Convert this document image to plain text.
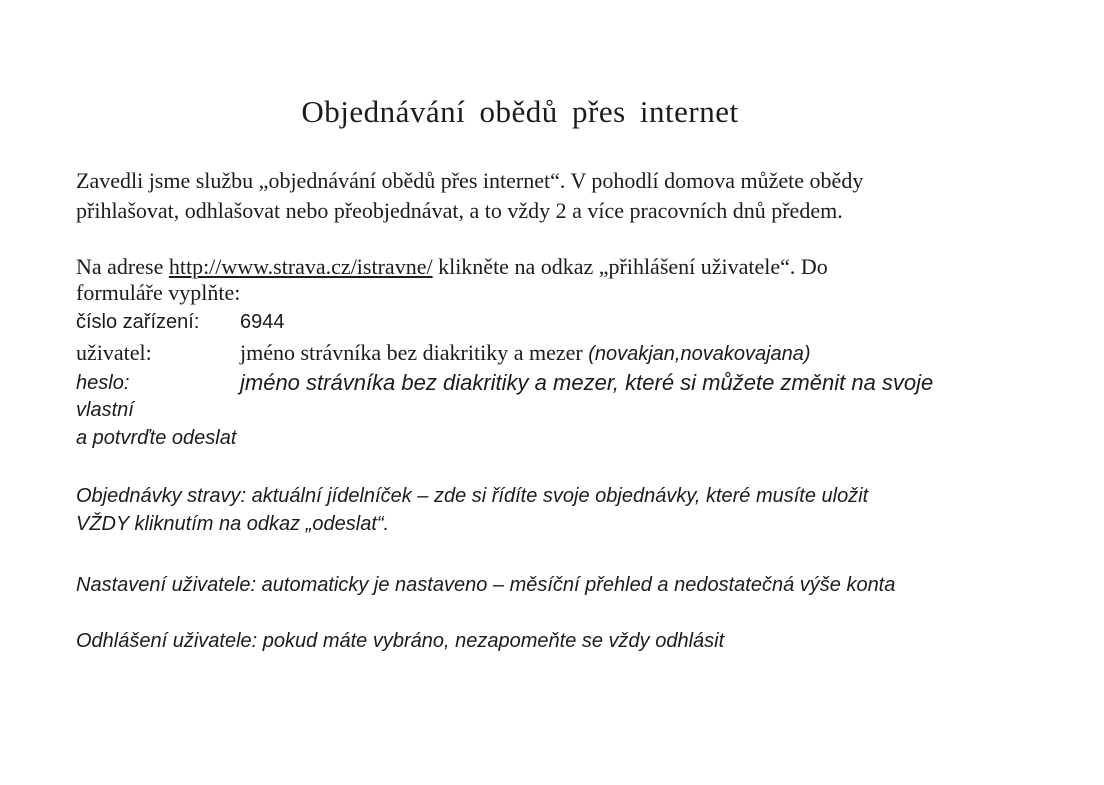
Objednávání obědů přes internet
Zavedli jsme službu „objednávání obědů přes internet“. V pohodlí domova můžete obědy
přihlašovat, odhlašovat nebo přeobjednávat, a to vždy 2 a více pracovních dnů předem.
Na adrese http://www.strava.cz/istravne/ klikněte na odkaz „přihlášení uživatele“. Do
formuláře vyplňte:
číslo zařízení: 6944
uživatel:	jméno strávníka bez diakritiky a mezer (novakjan,novakovajana)
heslo:	jméno strávníka bez diakritiky a mezer, které si můžete změnit na svoje
vlastní
a potvrďte odeslat
Objednávky stravy: aktuální jídelníček – zde si řídíte svoje objednávky, které musíte uložit
VŽDY kliknutím na odkaz „odeslat“.
Nastavení uživatele: automaticky je nastaveno – měsíční přehled a nedostatečná výše konta
Odhlášení uživatele: pokud máte vybráno, nezapomeňte se vždy odhlásit
